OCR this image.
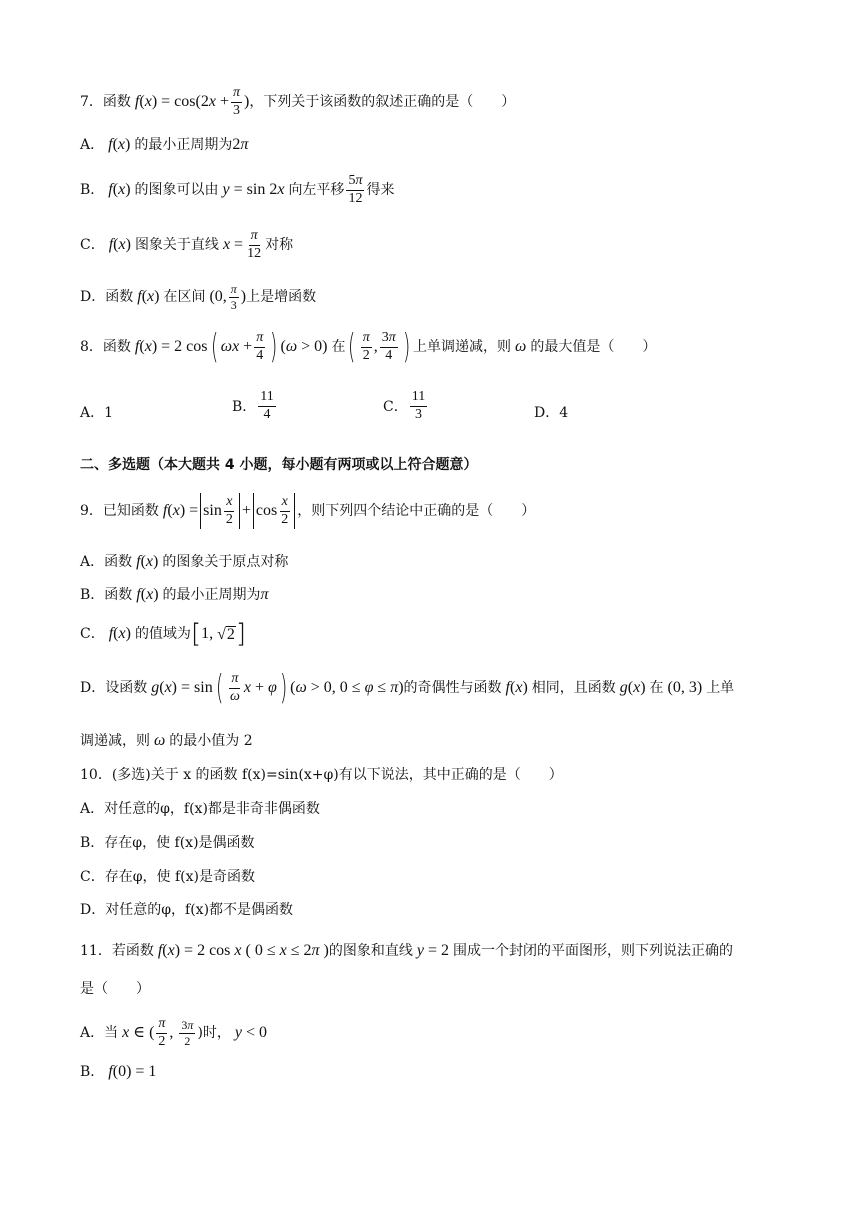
7．函数 $f(x) = \cos(2x + \frac{\pi}{3}$ ) ，下列关于该函数的叙述正确的是（　　）
A． f(x) 的最小正周期为 2π
B． f(x) 的图象可以由 y = sin 2x 向左平移 $\frac{5\pi}{12}$ 得来
C． f(x) 图象关于直线 $x = \frac{\pi}{12}$ 对称
D．函数 f(x) 在区间 (0, $\frac{\pi}{3}$ ) 上是增函数
8．函数 f(x) = 2 cos ( $\omega x + \frac{\pi}{4}$ ) (ω > 0) 在 ( $\frac{\pi}{2}$ , $\frac{3\pi}{4}$ ) 上单调递减，则 ω 的最大值是（　　）
A．1	B． $\frac{11}{4}$	C． $\frac{11}{3}$	D．4
二、多选题（本大题共 4 小题，每小题有两项或以上符合题意）
9．已知函数 $f(x) = \sin \frac{x}{2} + \cos \frac{x}{2}$ ，则下列四个结论中正确的是（　　）
A．函数 f(x) 的图象关于原点对称
B．函数 f(x) 的最小正周期为 π
C． f(x) 的值域为 [ 1, √ 2 ]
D．设函数 g(x) = sin ( $\frac{\pi}{\omega}$ x + φ ) (ω > 0, 0 ≤ φ ≤ π) 的奇偶性与函数 f(x) 相同，且函数 g(x) 在 (0, 3) 上单
调递减，则 ω 的最小值为 2
10．(多选)关于 x 的函数 f(x)=sin(x+φ)有以下说法，其中正确的是（　　）
A．对任意的φ，f(x)都是非奇非偶函数
B．存在φ，使 f(x)是偶函数
C．存在φ，使 f(x)是奇函数
D．对任意的φ，f(x)都不是偶函数
11．若函数 f(x) = 2 cos x ( 0 ≤ x ≤ 2π ) 的图象和直线 y = 2 围成一个封闭的平面图形，则下列说法正确的
是（　　）
A．当 x ∈ ( $\frac{\pi}{2}$ , $\frac{3\pi}{2}$ )时， y < 0
B． f(0) = 1
